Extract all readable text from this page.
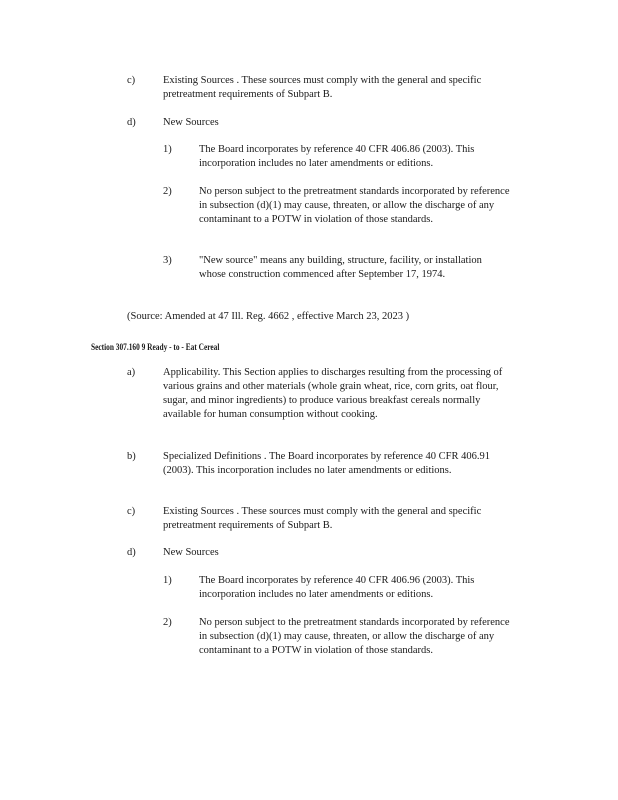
c)	Existing Sources . These sources must comply with the general and specific pretreatment requirements of Subpart B.
d)	New Sources
1)	The Board incorporates by reference 40 CFR 406.86 (2003). This incorporation includes no later amendments or editions.
2)	No person subject to the pretreatment standards incorporated by reference in subsection (d)(1) may cause, threaten, or allow the discharge of any contaminant to a POTW in violation of those standards.
3)	"New source" means any building, structure, facility, or installation whose construction commenced after September 17, 1974.
(Source: Amended at 47 Ill. Reg. 4662 , effective March 23, 2023 )
Section 307.160 9 Ready - to - Eat Cereal
a)	Applicability. This Section applies to discharges resulting from the processing of various grains and other materials (whole grain wheat, rice, corn grits, oat flour, sugar, and minor ingredients) to produce various breakfast cereals normally available for human consumption without cooking.
b)	Specialized Definitions . The Board incorporates by reference 40 CFR 406.91 (2003). This incorporation includes no later amendments or editions.
c)	Existing Sources . These sources must comply with the general and specific pretreatment requirements of Subpart B.
d)	New Sources
1)	The Board incorporates by reference 40 CFR 406.96 (2003). This incorporation includes no later amendments or editions.
2)	No person subject to the pretreatment standards incorporated by reference in subsection (d)(1) may cause, threaten, or allow the discharge of any contaminant to a POTW in violation of those standards.
